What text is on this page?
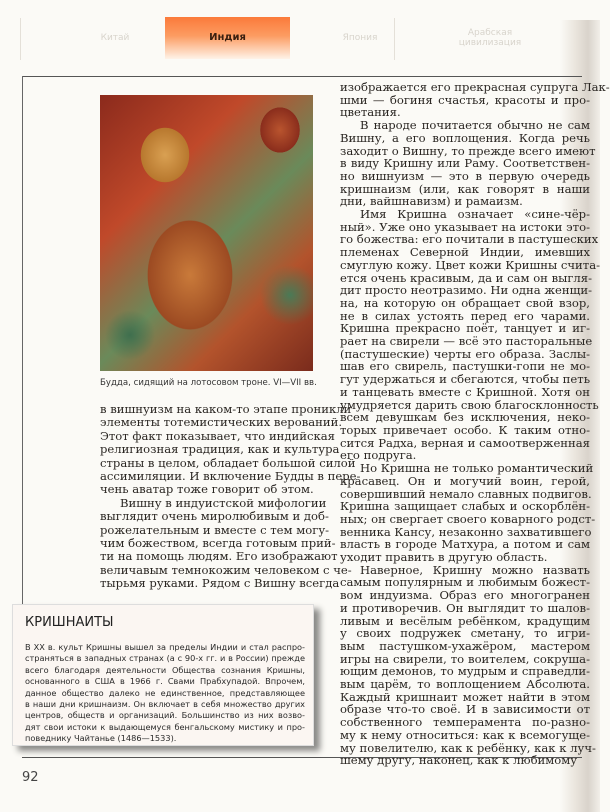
Китай	Индия	Япония	Арабская цивилизация
Будда, сидящий на лотосовом троне. VI—VII вв.
в вишнуизм на каком-то этапе проникли
элементы тотемистических верований.
Этот факт показывает, что индийская
религиозная традиция, как и культура
страны в целом, обладает большой силой
ассимиляции. И включение Будды в пере-
чень аватар тоже говорит об этом.
Вишну в индуистской мифологии
выглядит очень миролюбивым и доб-
рожелательным и вместе с тем могу-
чим божеством, всегда готовым прий-
ти на помощь людям. Его изображают
величавым темнокожим человеком с че-
тырьмя руками. Рядом с Вишну всегда
изображается его прекрасная супруга Лак-
шми — богиня счастья, красоты и про-
цветания.
В народе почитается обычно не сам
Вишну, а его воплощения. Когда речь
заходит о Вишну, то прежде всего имеют
в виду Кришну или Раму. Соответствен-
но вишнуизм — это в первую очередь
кришнаизм (или, как говорят в наши
дни, вайшнавизм) и рамаизм.
Имя Кришна означает «сине-чёр-
ный». Уже оно указывает на истоки это-
го божества: его почитали в пастушеских
племенах Северной Индии, имевших
смуглую кожу. Цвет кожи Кришны счита-
ется очень красивым, да и сам он выгля-
дит просто неотразимо. Ни одна женщи-
на, на которую он обращает свой взор,
не в силах устоять перед его чарами.
Кришна прекрасно поёт, танцует и иг-
рает на свирели — всё это пасторальные
(пастушеские) черты его образа. Заслы-
шав его свирель, пастушки-гопи не мо-
гут удержаться и сбегаются, чтобы петь
и танцевать вместе с Кришной. Хотя он
умудряется дарить свою благосклонность
всем девушкам без исключения, неко-
торых привечает особо. К таким отно-
сится Радха, верная и самоотверженная
его подруга.
Но Кришна не только романтический
красавец. Он и могучий воин, герой,
совершивший немало славных подвигов.
Кришна защищает слабых и оскорблён-
ных; он свергает своего коварного родст-
венника Кансу, незаконно захватившего
власть в городе Матхура, а потом и сам
уходит править в другую область.
Наверное, Кришну можно назвать
самым популярным и любимым божест-
вом индуизма. Образ его многогранен
и противоречив. Он выглядит то шалов-
ливым и весёлым ребёнком, крадущим
у своих подружек сметану, то игри-
вым пастушком-ухажёром, мастером
игры на свирели, то воителем, сокруша-
ющим демонов, то мудрым и справедли-
вым царём, то воплощением Абсолюта.
Каждый кришнаит может найти в этом
образе что-то своё. И в зависимости от
собственного темперамента по-разно-
му к нему относиться: как к всемогуще-
му повелителю, как к ребёнку, как к луч-
шему другу, наконец, как к любимому
КРИШНАИТЫ
В XX в. культ Кришны вышел за пределы Индии и стал распро-
страняться в западных странах (а с 90-х гг. и в России) прежде
всего благодаря деятельности Общества сознания Кришны,
основанного в США в 1966 г. Свами Прабхупадой. Впрочем,
данное общество далеко не единственное, представляющее
в наши дни кришнаизм. Он включает в себя множество других
центров, обществ и организаций. Большинство из них возво-
дят свои истоки к выдающемуся бенгальскому мистику и про-
поведнику Чайтанье (1486—1533).
92
